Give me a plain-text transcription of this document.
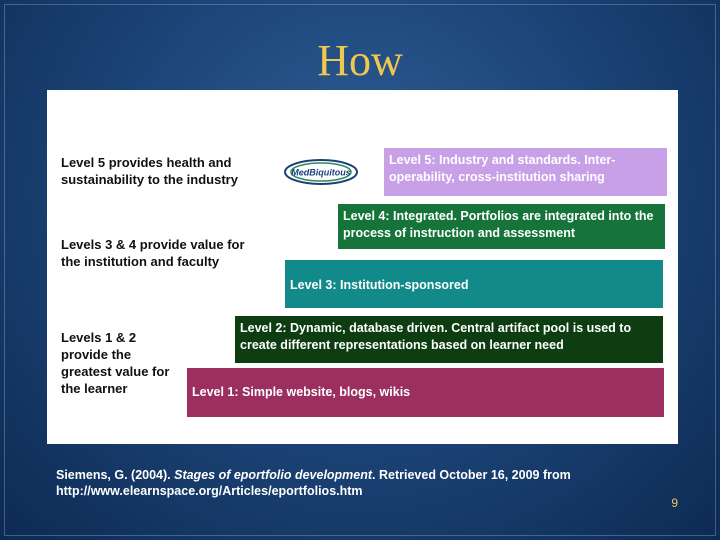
How
Level 5 provides health and sustainability to the industry	MedBiquitous
Levels 3 & 4 provide value for the institution and faculty
Levels 1 & 2 provide the greatest value for the learner
Level 5: Industry and standards. Inter-operability, cross-institution sharing
Level 4: Integrated. Portfolios are integrated into the process of instruction and assessment
Level 3: Institution-sponsored
Level 2: Dynamic, database driven. Central artifact pool is used to create different representations based on learner need
Level 1: Simple website, blogs, wikis
Siemens, G. (2004). Stages of eportfolio development. Retrieved October 16, 2009 from http://www.elearnspace.org/Articles/eportfolios.htm
9
